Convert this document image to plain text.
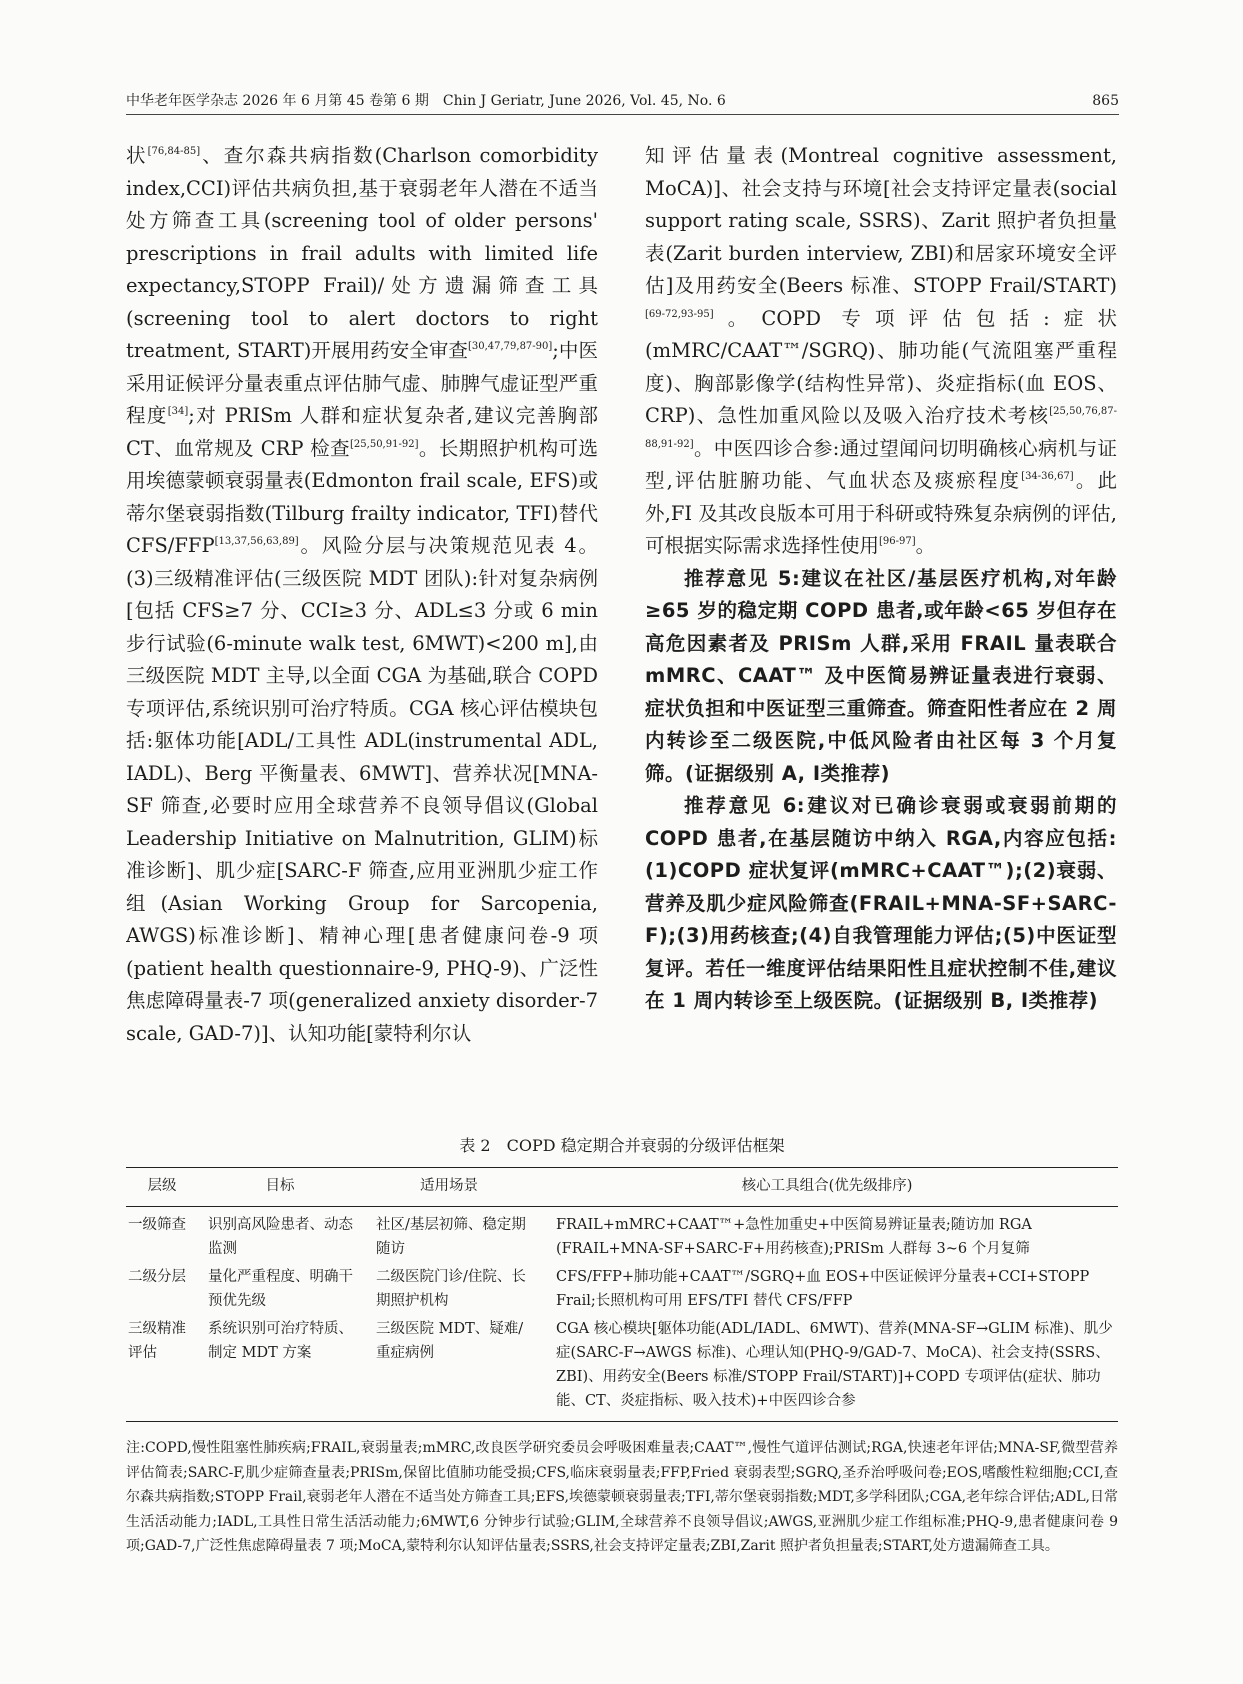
中华老年医学杂志 2026 年 6 月第 45 卷第 6 期　Chin J Geriatr, June 2026, Vol. 45, No. 6	865

状[76,84-85]、查尔森共病指数(Charlson comorbidity index,CCI)评估共病负担,基于衰弱老年人潜在不适当处方筛查工具(screening tool of older persons' prescriptions in frail adults with limited life expectancy,STOPP Frail)/处方遗漏筛查工具(screening tool to alert doctors to right treatment, START)开展用药安全审查[30,47,79,87-90];中医采用证候评分量表重点评估肺气虚、肺脾气虚证型严重程度[34];对 PRISm 人群和症状复杂者,建议完善胸部 CT、血常规及 CRP 检查[25,50,91-92]。长期照护机构可选用埃德蒙顿衰弱量表(Edmonton frail scale, EFS)或蒂尔堡衰弱指数(Tilburg frailty indicator, TFI)替代 CFS/FFP[13,37,56,63,89]。风险分层与决策规范见表 4。(3)三级精准评估(三级医院 MDT 团队):针对复杂病例[包括 CFS≥7 分、CCI≥3 分、ADL≤3 分或 6 min 步行试验(6-minute walk test, 6MWT)<200 m],由三级医院 MDT 主导,以全面 CGA 为基础,联合 COPD 专项评估,系统识别可治疗特质。CGA 核心评估模块包括:躯体功能[ADL/工具性 ADL(instrumental ADL, IADL)、Berg 平衡量表、6MWT]、营养状况[MNA-SF 筛查,必要时应用全球营养不良领导倡议(Global Leadership Initiative on Malnutrition, GLIM)标准诊断]、肌少症[SARC-F 筛查,应用亚洲肌少症工作组(Asian Working Group for Sarcopenia, AWGS)标准诊断]、精神心理[患者健康问卷-9 项(patient health questionnaire-9, PHQ-9)、广泛性焦虑障碍量表-7 项(generalized anxiety disorder-7 scale, GAD-7)]、认知功能[蒙特利尔认

知评估量表(Montreal cognitive assessment, MoCA)]、社会支持与环境[社会支持评定量表(social support rating scale, SSRS)、Zarit 照护者负担量表(Zarit burden interview, ZBI)和居家环境安全评估]及用药安全(Beers 标准、STOPP Frail/START)[69-72,93-95]。COPD 专项评估包括:症状(mMRC/CAAT™/SGRQ)、肺功能(气流阻塞严重程度)、胸部影像学(结构性异常)、炎症指标(血 EOS、CRP)、急性加重风险以及吸入治疗技术考核[25,50,76,87-88,91-92]。中医四诊合参:通过望闻问切明确核心病机与证型,评估脏腑功能、气血状态及痰瘀程度[34-36,67]。此外,FI 及其改良版本可用于科研或特殊复杂病例的评估,可根据实际需求选择性使用[96-97]。

推荐意见 5:建议在社区/基层医疗机构,对年龄≥65 岁的稳定期 COPD 患者,或年龄<65 岁但存在高危因素者及 PRISm 人群,采用 FRAIL 量表联合 mMRC、CAAT™ 及中医简易辨证量表进行衰弱、症状负担和中医证型三重筛查。筛查阳性者应在 2 周内转诊至二级医院,中低风险者由社区每 3 个月复筛。(证据级别 A, Ⅰ类推荐)

推荐意见 6:建议对已确诊衰弱或衰弱前期的 COPD 患者,在基层随访中纳入 RGA,内容应包括:(1)COPD 症状复评(mMRC+CAAT™);(2)衰弱、营养及肌少症风险筛查(FRAIL+MNA-SF+SARC-F);(3)用药核查;(4)自我管理能力评估;(5)中医证型复评。若任一维度评估结果阳性且症状控制不佳,建议在 1 周内转诊至上级医院。(证据级别 B, Ⅰ类推荐)

表 2　COPD 稳定期合并衰弱的分级评估框架
层级	目标	适用场景	核心工具组合(优先级排序)
一级筛查	识别高风险患者、动态监测	社区/基层初筛、稳定期随访	FRAIL+mMRC+CAAT™+急性加重史+中医简易辨证量表;随访加 RGA (FRAIL+MNA-SF+SARC-F+用药核查);PRISm 人群每 3~6 个月复筛
二级分层	量化严重程度、明确干预优先级	二级医院门诊/住院、长期照护机构	CFS/FFP+肺功能+CAAT™/SGRQ+血 EOS+中医证候评分量表+CCI+STOPP Frail;长照机构可用 EFS/TFI 替代 CFS/FFP
三级精准评估	系统识别可治疗特质、制定 MDT 方案	三级医院 MDT、疑难/重症病例	CGA 核心模块[躯体功能(ADL/IADL、6MWT)、营养(MNA-SF→GLIM 标准)、肌少症(SARC-F→AWGS 标准)、心理认知(PHQ-9/GAD-7、MoCA)、社会支持(SSRS、ZBI)、用药安全(Beers 标准/STOPP Frail/START)]+COPD 专项评估(症状、肺功能、CT、炎症指标、吸入技术)+中医四诊合参
注:COPD,慢性阻塞性肺疾病;FRAIL,衰弱量表;mMRC,改良医学研究委员会呼吸困难量表;CAAT™,慢性气道评估测试;RGA,快速老年评估;MNA-SF,微型营养评估简表;SARC-F,肌少症筛查量表;PRISm,保留比值肺功能受损;CFS,临床衰弱量表;FFP,Fried 衰弱表型;SGRQ,圣乔治呼吸问卷;EOS,嗜酸性粒细胞;CCI,查尔森共病指数;STOPP Frail,衰弱老年人潜在不适当处方筛查工具;EFS,埃德蒙顿衰弱量表;TFI,蒂尔堡衰弱指数;MDT,多学科团队;CGA,老年综合评估;ADL,日常生活活动能力;IADL,工具性日常生活活动能力;6MWT,6 分钟步行试验;GLIM,全球营养不良领导倡议;AWGS,亚洲肌少症工作组标准;PHQ-9,患者健康问卷 9 项;GAD-7,广泛性焦虑障碍量表 7 项;MoCA,蒙特利尔认知评估量表;SSRS,社会支持评定量表;ZBI,Zarit 照护者负担量表;START,处方遗漏筛查工具。
